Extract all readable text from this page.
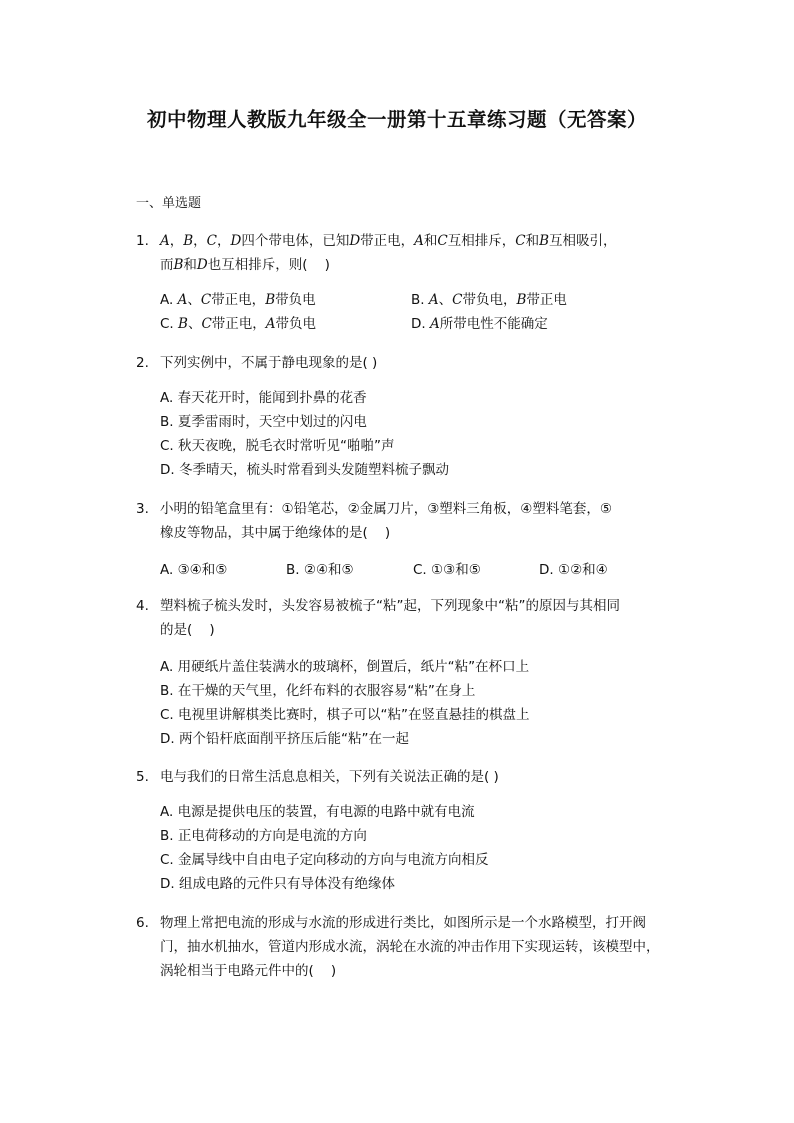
初中物理人教版九年级全一册第十五章练习题（无答案）
一、单选题
1. A，B，C，D四个带电体，已知D带正电，A和C互相排斥，C和B互相吸引，
而B和D也互相排斥，则(    )
A. A、C带正电，B带负电	B. A、C带负电，B带正电
C. B、C带正电，A带负电	D. A所带电性不能确定
2. 下列实例中，不属于静电现象的是( )
A. 春天花开时，能闻到扑鼻的花香
B. 夏季雷雨时，天空中划过的闪电
C. 秋天夜晚，脱毛衣时常听见“啪啪”声
D. 冬季晴天，梳头时常看到头发随塑料梳子飘动
3. 小明的铅笔盒里有：①铅笔芯，②金属刀片，③塑料三角板，④塑料笔套，⑤
橡皮等物品，其中属于绝缘体的是(    )
A. ③④和⑤	B. ②④和⑤	C. ①③和⑤	D. ①②和④
4. 塑料梳子梳头发时，头发容易被梳子“粘”起，下列现象中“粘”的原因与其相同
的是(    )
A. 用硬纸片盖住装满水的玻璃杯，倒置后，纸片“粘”在杯口上
B. 在干燥的天气里，化纤布料的衣服容易“粘”在身上
C. 电视里讲解棋类比赛时，棋子可以“粘”在竖直悬挂的棋盘上
D. 两个铅杆底面削平挤压后能“粘”在一起
5. 电与我们的日常生活息息相关，下列有关说法正确的是( )
A. 电源是提供电压的装置，有电源的电路中就有电流
B. 正电荷移动的方向是电流的方向
C. 金属导线中自由电子定向移动的方向与电流方向相反
D. 组成电路的元件只有导体没有绝缘体
6. 物理上常把电流的形成与水流的形成进行类比，如图所示是一个水路模型，打开阀
门，抽水机抽水，管道内形成水流，涡轮在水流的冲击作用下实现运转，该模型中，
涡轮相当于电路元件中的(    )
